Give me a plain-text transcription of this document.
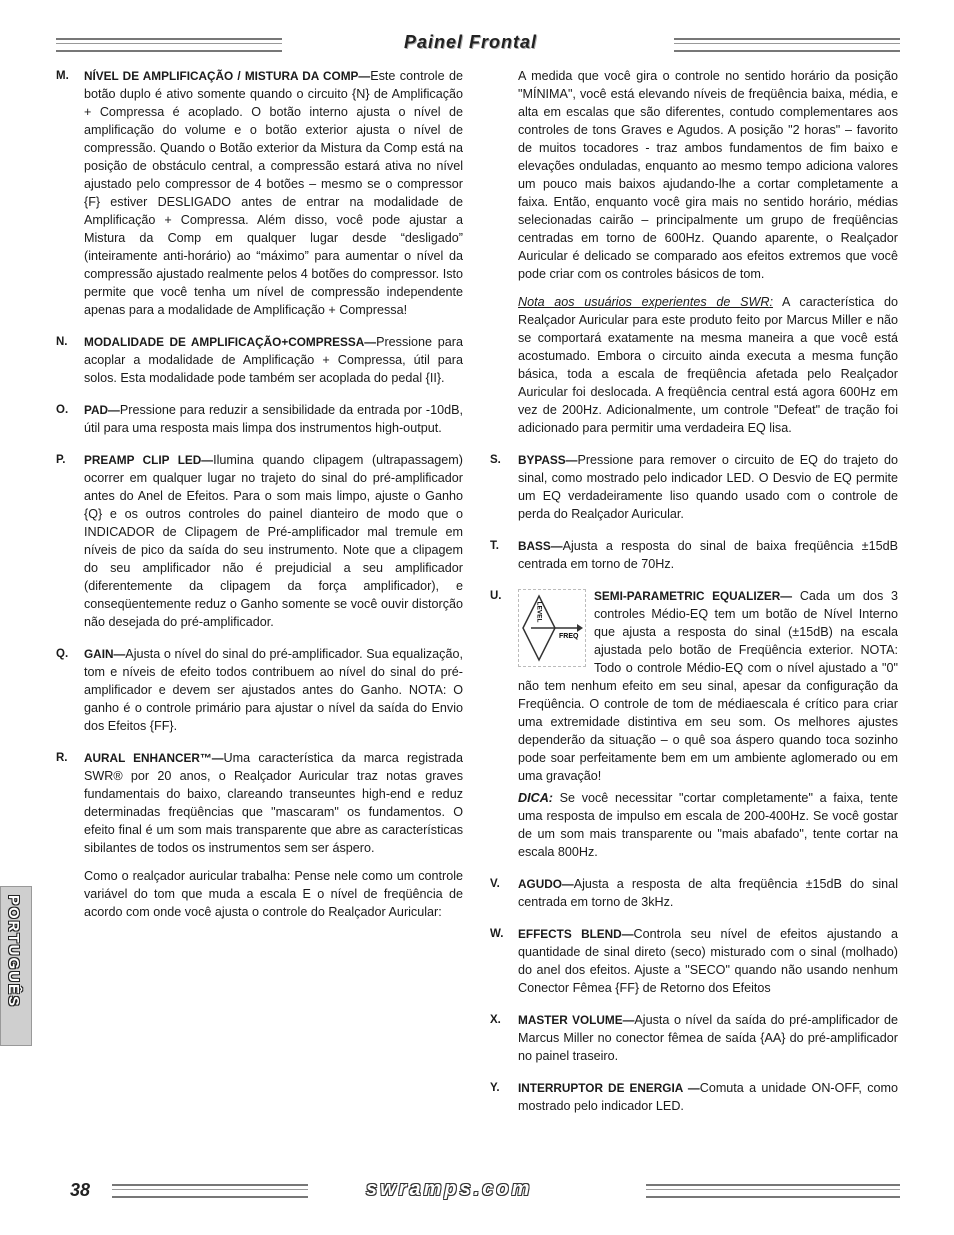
Painel Frontal
PORTUGUÊS
M.	NÍVEL DE AMPLIFICAÇÃO / MISTURA DA COMP—Este controle de botão duplo é ativo somente quando o circuito {N} de Amplificação + Compressa é acoplado. O botão interno ajusta o nível de amplificação do volume e o botão exterior ajusta o nível de compressão. Quando o Botão exterior da Mistura da Comp está na posição de obstáculo central, a compressão estará ativa no nível ajustado pelo compressor de 4 botões – mesmo se o compressor {F} estiver DESLIGADO antes de entrar na modalidade de Amplificação + Compressa. Além disso, você pode ajustar a Mistura da Comp em qualquer lugar desde “desligado” (inteiramente anti-horário) ao “máximo” para aumentar o nível da compressão ajustado realmente pelos 4 botões do compressor. Isto permite que você tenha um nível de compressão independente apenas para a modalidade de Amplificação + Compressa!
N.	MODALIDADE DE AMPLIFICAÇÃO+COMPRESSA—Pressione para acoplar a modalidade de Amplificação + Compressa, útil para solos. Esta modalidade pode também ser acoplada do pedal {II}.
O.	PAD—Pressione para reduzir a sensibilidade da entrada por -10dB, útil para uma resposta mais limpa dos instrumentos high-output.
P.	PREAMP CLIP LED—Ilumina quando clipagem (ultrapassagem) ocorrer em qualquer lugar no trajeto do sinal do pré-amplificador antes do Anel de Efeitos. Para o som mais limpo, ajuste o Ganho {Q} e os outros controles do painel dianteiro de modo que o INDICADOR de Clipagem de Pré-amplificador mal tremule em níveis de pico da saída do seu instrumento. Note que a clipagem do seu amplificador não é prejudicial a seu amplificador (diferentemente da clipagem da força amplificador), e conseqüentemente reduz o Ganho somente se você ouvir distorção não desejada do pré-amplificador.
Q.	GAIN—Ajusta o nível do sinal do pré-amplificador. Sua equalização, tom e níveis de efeito todos contribuem ao nível do sinal do pré-amplificador e devem ser ajustados antes do Ganho. NOTA: O ganho é o controle primário para ajustar o nível da saída do Envio dos Efeitos {FF}.
R.	AURAL ENHANCER™—Uma característica da marca registrada SWR® por 20 anos, o Realçador Auricular traz notas graves fundamentais do baixo, clareando transeuntes high-end e reduz determinadas freqüências que "mascaram" os fundamentos. O efeito final é um som mais transparente que abre as características sibilantes de todos os instrumentos sem ser áspero.

Como o realçador auricular trabalha: Pense nele como um controle variável do tom que muda a escala E o nível de freqüência de acordo com onde você ajusta o controle do Realçador Auricular:

A medida que você gira o controle no sentido horário da posição "MÍNIMA", você está elevando níveis de freqüência baixa, média, e alta em escalas que são diferentes, contudo complementares aos controles de tons Graves e Agudos. A posição "2 horas" – favorito de muitos tocadores - traz ambos fundamentos de fim baixo e elevações onduladas, enquanto ao mesmo tempo adiciona valores um pouco mais baixos ajudando-lhe a cortar completamente a faixa. Então, enquanto você gira mais no sentido horário, médias selecionadas cairão – principalmente um grupo de freqüências centradas em torno de 600Hz. Quando aparente, o Realçador Auricular é delicado se comparado aos efeitos extremos que você pode criar com os controles básicos de tom.

Nota aos usuários experientes de SWR: A característica do Realçador Auricular para este produto feito por Marcus Miller e não se comportará exatamente na mesma maneira a que você está acostumado. Embora o circuito ainda executa a mesma função básica, toda a escala de freqüência afetada pelo Realçador Auricular foi deslocada. A freqüência central está agora 600Hz em vez de 200Hz. Adicionalmente, um controle "Defeat" de tração foi adicionado para permitir uma verdadeira EQ lisa.

S.	BYPASS—Pressione para remover o circuito de EQ do trajeto do sinal, como mostrado pelo indicador LED. O Desvio de EQ permite um EQ verdadeiramente liso quando usado com o controle de perda do Realçador Auricular.
T.	BASS—Ajusta a resposta do sinal de baixa freqüência ±15dB centrada em torno de 70Hz.
U.	SEMI-PARAMETRIC EQUALIZER—
LEVEL
FREQ
Cada um dos 3 controles Médio-EQ tem um botão de Nível Interno que ajusta a resposta do sinal (±15dB) na escala ajustada pelo botão de Freqüência exterior. NOTA: Todo o controle Médio-EQ com o nível ajustado a "0" não tem nenhum efeito em seu sinal, apesar da configuração da Freqüência. O controle de tom de médiaescala é crítico para criar uma extremidade distintiva em seu som. Os melhores ajustes dependerão da situação – o quê soa áspero quando toca sozinho pode soar perfeitamente bem em um ambiente aglomerado ou em uma gravação!

DICA: Se você necessitar "cortar completamente" a faixa, tente uma resposta de impulso em escala de 200-400Hz. Se você gostar de um som mais transparente ou "mais abafado", tente cortar na escala 800Hz.

V.	AGUDO—Ajusta a resposta de alta freqüência ±15dB do sinal centrada em torno de 3kHz.
W.	EFFECTS BLEND—Controla seu nível de efeitos ajustando a quantidade de sinal direto (seco) misturado com o sinal (molhado) do anel dos efeitos. Ajuste a "SECO" quando não usando nenhum Conector Fêmea {FF} de Retorno dos Efeitos
X.	MASTER VOLUME—Ajusta o nível da saída do pré-amplificador de Marcus Miller no conector fêmea de saída {AA} do pré-amplificador no painel traseiro.
Y.	INTERRUPTOR DE ENERGIA —Comuta a unidade ON-OFF, como mostrado pelo indicador LED.
38	swramps.com
